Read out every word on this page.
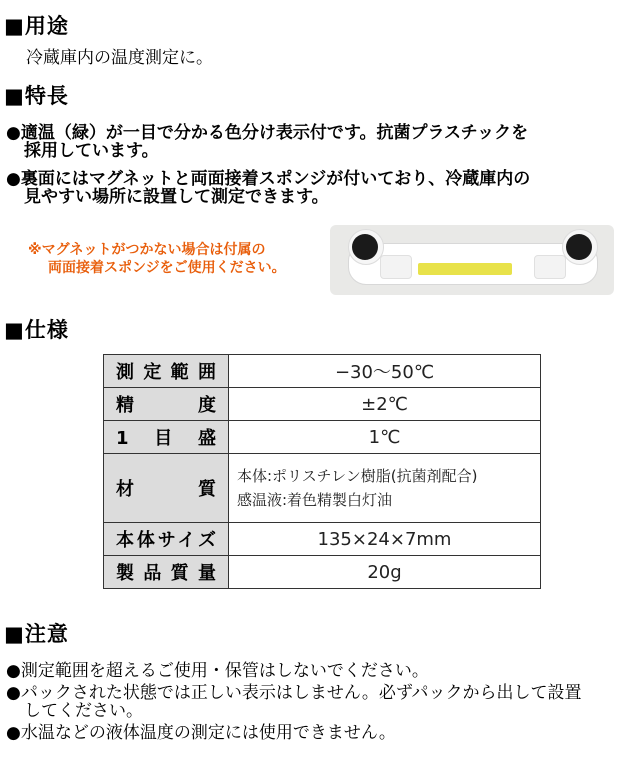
■用途
冷蔵庫内の温度測定に。
■特長
●適温（緑）が一目で分かる色分け表示付です。抗菌プラスチックを
採用しています。
●裏面にはマグネットと両面接着スポンジが付いており、冷蔵庫内の
見やすい場所に設置して測定できます。
※マグネットがつかない場合は付属の
両面接着スポンジをご使用ください。
■仕様
測定範囲	−30〜50℃
精　度	±2℃
1目盛	1℃
材　質	本体:ポリスチレン樹脂(抗菌剤配合)
感温液:着色精製白灯油

本体サイズ	135×24×7mm
製品質量	20g
■注意
●測定範囲を超えるご使用・保管はしないでください。
●パックされた状態では正しい表示はしません。必ずパックから出して設置
してください。
●水温などの液体温度の測定には使用できません。
